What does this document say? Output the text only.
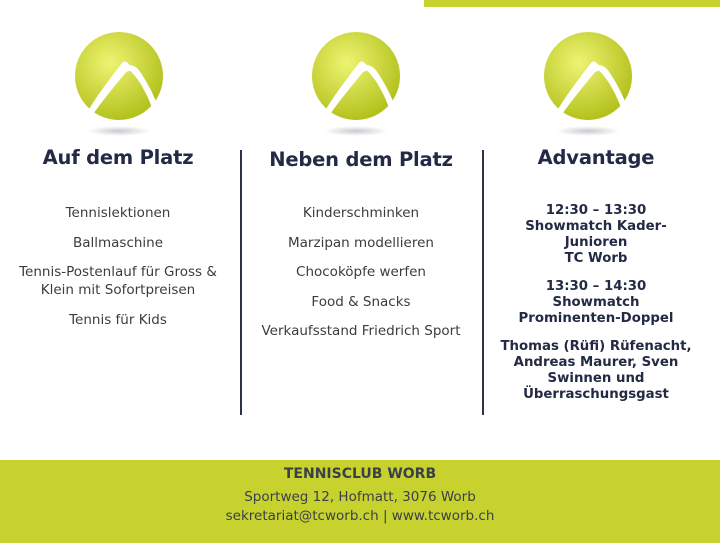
Auf dem Platz
Tennislektionen
Ballmaschine
Tennis-Postenlauf für Gross & Klein mit Sofortpreisen
Tennis für Kids
Neben dem Platz
Kinderschminken
Marzipan modellieren
Chocoköpfe werfen
Food & Snacks
Verkaufsstand Friedrich Sport
Advantage
12:30 – 13:30
Showmatch Kader-Junioren
TC Worb
13:30 – 14:30
Showmatch Prominenten-Doppel
Thomas (Rüfi) Rüfenacht, Andreas Maurer, Sven Swinnen und Überraschungsgast
TENNISCLUB WORB
Sportweg 12, Hofmatt, 3076 Worb
sekretariat@tcworb.ch | www.tcworb.ch
